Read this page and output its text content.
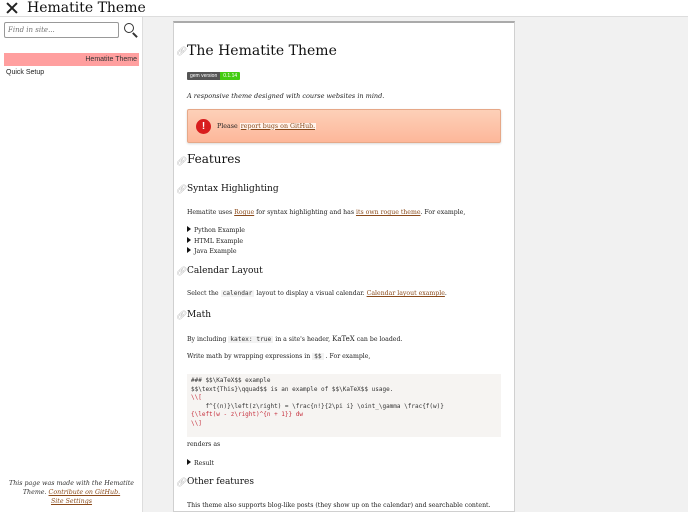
Hematite Theme
Find in site...
Hematite Theme
Quick Setup
This page was made with the Hematite
Theme. Contribute on GitHub.
Site Settings
🔗︎ The Hematite Theme
gem version	0.1.14
A responsive theme designed with course websites in mind.
!	Please report bugs on GitHub.
🔗︎ Features
🔗︎ Syntax Highlighting
Hematite uses Rogue for syntax highlighting and has its own rogue theme. For example,
Python Example
HTML Example
Java Example
🔗︎ Calendar Layout
Select the calendar layout to display a visual calendar. Calendar layout example.
🔗︎ Math
By including katex: true in a site's header, KaTeX can be loaded.
Write math by wrapping expressions in $$ . For example,
### $$\KaTeX$$ example
$$\text{This}\qquad$$ is an example of $$\KaTeX$$ usage.
\\[
f^{(n)}\left(z\right) = \frac{n!}{2\pi i} \oint_\gamma \frac{f(w)}
{\left(w - z\right)^{n + 1}} dw
\\]
renders as
Result
🔗︎ Other features
This theme also supports blog-like posts (they show up on the calendar) and searchable content.
